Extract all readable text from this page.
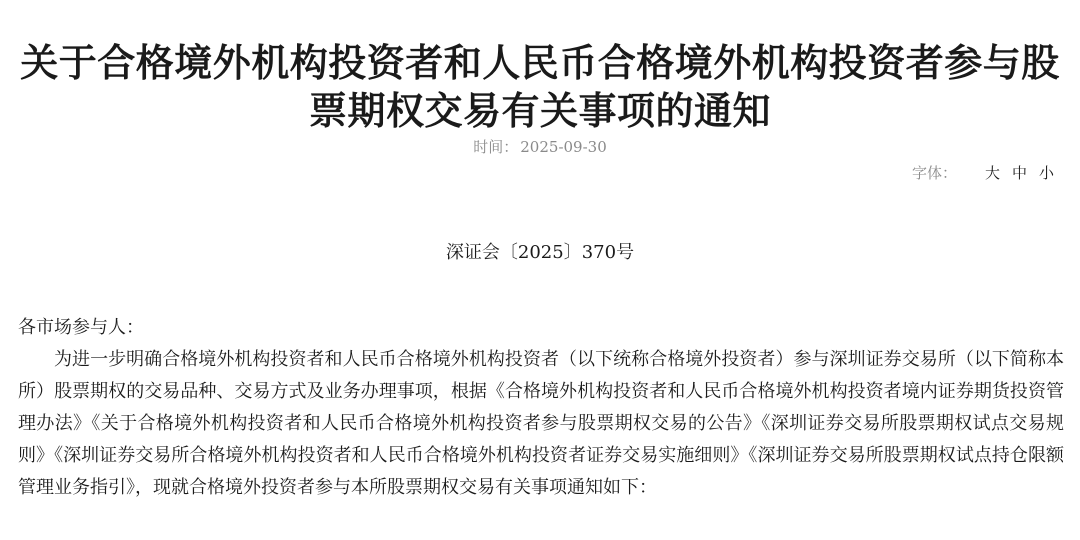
关于合格境外机构投资者和人民币合格境外机构投资者参与股票期权交易有关事项的通知
时间： 2025-09-30
字体： 大 中 小
深证会〔2025〕370号

各市场参与人：

为进一步明确合格境外机构投资者和人民币合格境外机构投资者（以下统称合格境外投资者）参与深圳证券交易所（以下简称本所）股票期权的交易品种、交易方式及业务办理事项，根据《合格境外机构投资者和人民币合格境外机构投资者境内证券期货投资管理办法》《关于合格境外机构投资者和人民币合格境外机构投资者参与股票期权交易的公告》《深圳证券交易所股票期权试点交易规则》《深圳证券交易所合格境外机构投资者和人民币合格境外机构投资者证券交易实施细则》《深圳证券交易所股票期权试点持仓限额管理业务指引》，现就合格境外投资者参与本所股票期权交易有关事项通知如下：
